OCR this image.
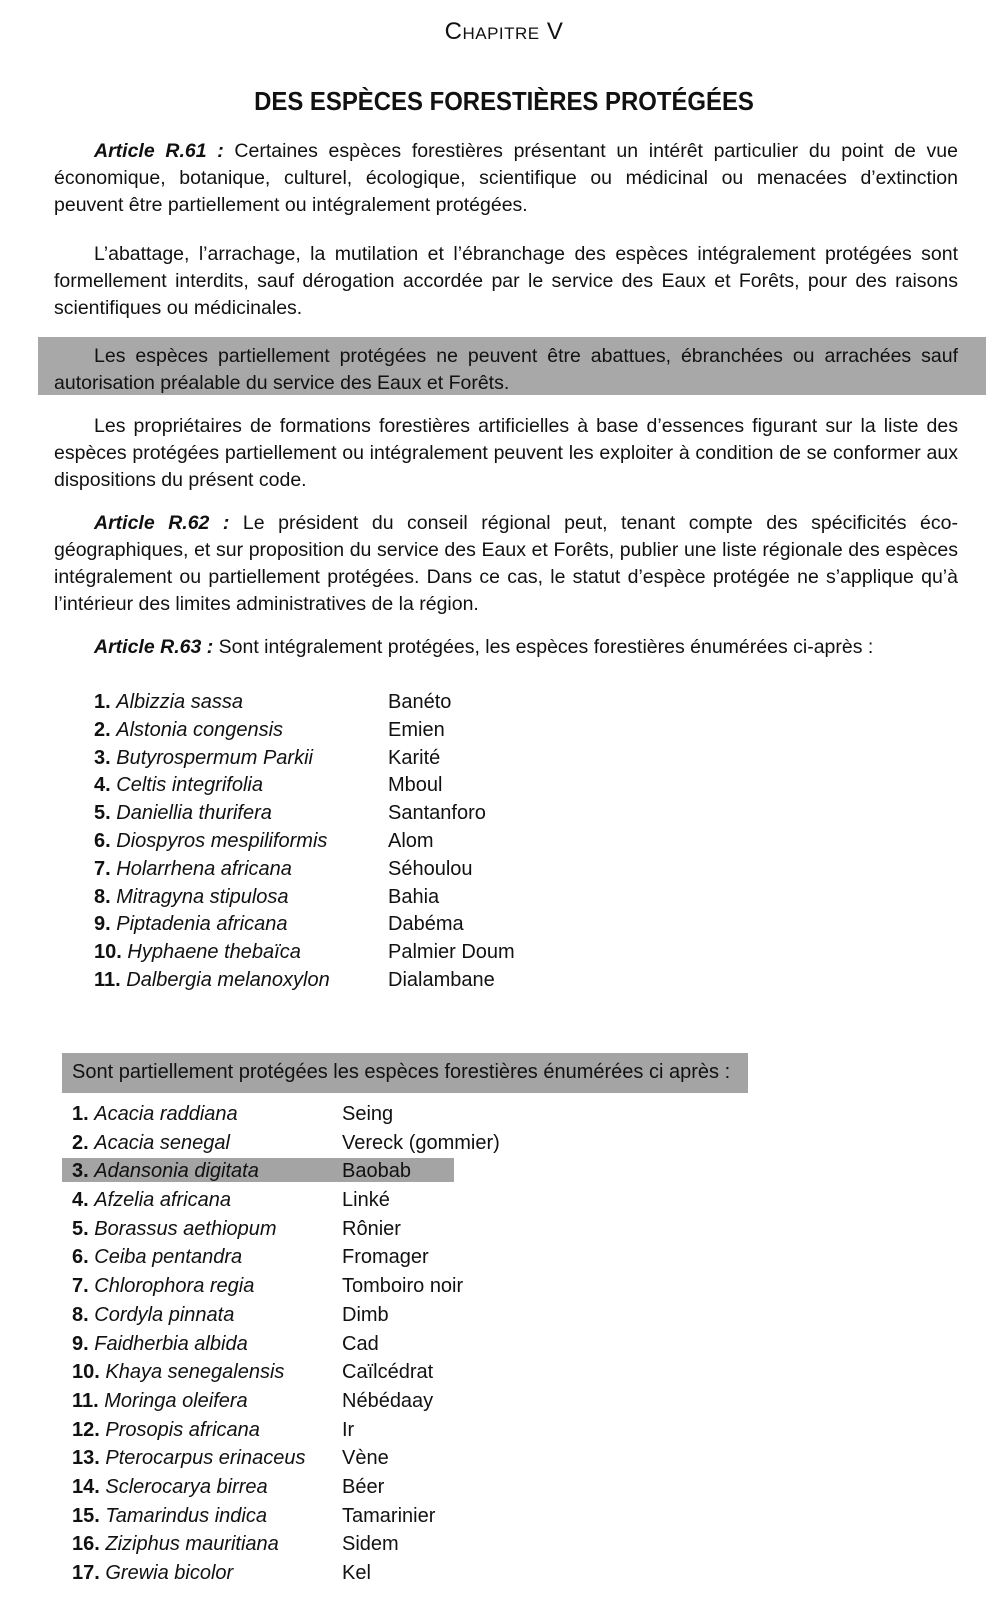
Chapitre V
DES ESPÈCES FORESTIÈRES PROTÉGÉES

Article R.61 : Certaines espèces forestières présentant un intérêt particulier du point de vue économique, botanique, culturel, écologique, scientifique ou médicinal ou menacées d’extinction peuvent être partiellement ou intégralement protégées.

L’abattage, l’arrachage, la mutilation et l’ébranchage des espèces intégralement protégées sont formellement interdits, sauf dérogation accordée par le service des Eaux et Forêts, pour des raisons scientifiques ou médicinales.

Les espèces partiellement protégées ne peuvent être abattues, ébranchées ou arrachées sauf autorisation préalable du service des Eaux et Forêts.

Les propriétaires de formations forestières artificielles à base d’essences figurant sur la liste des espèces protégées partiellement ou intégralement peuvent les exploiter à condition de se conformer aux dispositions du présent code.

Article R.62 : Le président du conseil régional peut, tenant compte des spécificités éco-géographiques, et sur proposition du service des Eaux et Forêts, publier une liste régionale des espèces intégralement ou partiellement protégées. Dans ce cas, le statut d’espèce protégée ne s’applique qu’à l’intérieur des limites administratives de la région.

Article R.63 : Sont intégralement protégées, les espèces forestières énumérées ci-après :

1. Albizzia sassa	Banéto
2. Alstonia congensis	Emien
3. Butyrospermum Parkii	Karité
4. Celtis integrifolia	Mboul
5. Daniellia thurifera	Santanforo
6. Diospyros mespiliformis	Alom
7. Holarrhena africana	Séhoulou
8. Mitragyna stipulosa	Bahia
9. Piptadenia africana	Dabéma
10. Hyphaene thebaïca	Palmier Doum
11. Dalbergia melanoxylon	Dialambane
Sont partiellement protégées les espèces forestières énumérées ci après :
1. Acacia raddiana	Seing
2. Acacia senegal	Vereck (gommier)
3. Adansonia digitata	Baobab
4. Afzelia africana	Linké
5. Borassus aethiopum	Rônier
6. Ceiba pentandra	Fromager
7. Chlorophora regia	Tomboiro noir
8. Cordyla pinnata	Dimb
9. Faidherbia albida	Cad
10. Khaya senegalensis	Caïlcédrat
11. Moringa oleifera	Nébédaay
12. Prosopis africana	Ir
13. Pterocarpus erinaceus Vène
14. Sclerocarya birrea	Béer
15. Tamarindus indica	Tamarinier
16. Ziziphus mauritiana	Sidem
17. Grewia bicolor	Kel
